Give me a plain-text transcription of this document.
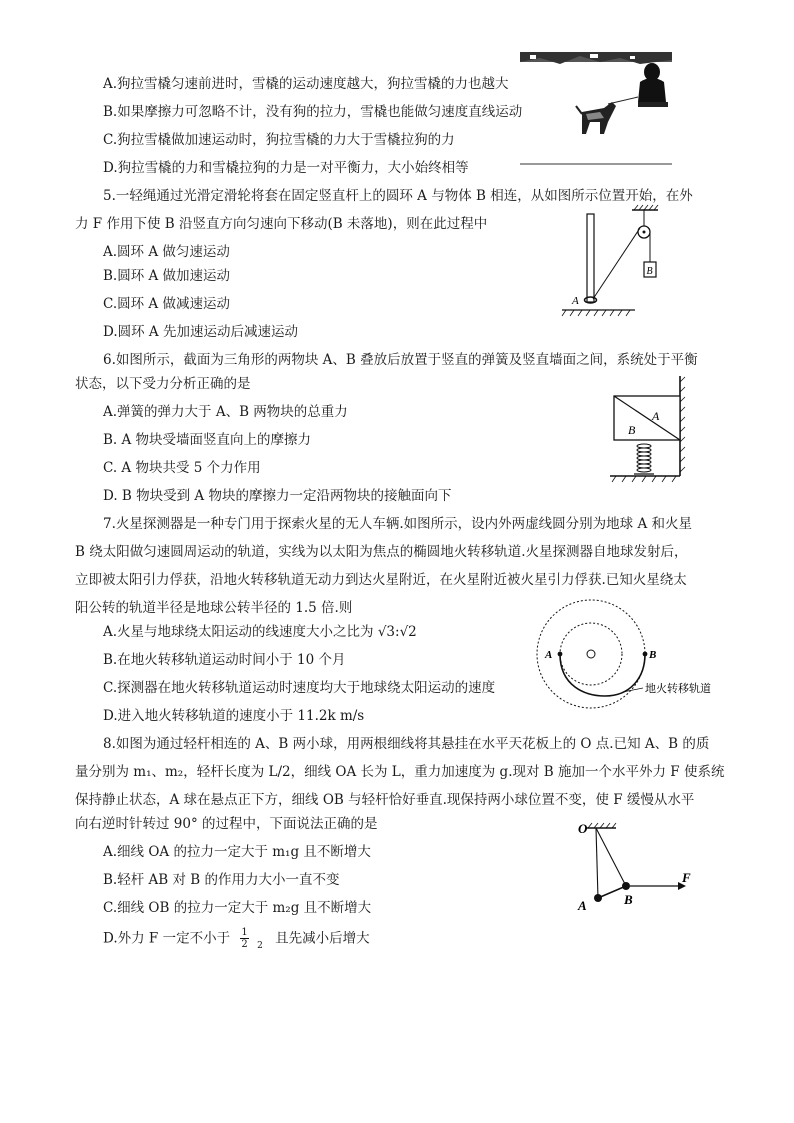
A.狗拉雪橇匀速前进时，雪橇的运动速度越大，狗拉雪橇的力也越大
B.如果摩擦力可忽略不计，没有狗的拉力，雪橇也能做匀速度直线运动
C.狗拉雪橇做加速运动时，狗拉雪橇的力大于雪橇拉狗的力
D.狗拉雪橇的力和雪橇拉狗的力是一对平衡力，大小始终相等
5.一轻绳通过光滑定滑轮将套在固定竖直杆上的圆环 A 与物体 B 相连，从如图所示位置开始，在外
力 F 作用下使 B 沿竖直方向匀速向下移动(B 未落地)，则在此过程中
A.圆环 A 做匀速运动
B.圆环 A 做加速运动
C.圆环 A 做减速运动
D.圆环 A 先加速运动后减速运动
B
A
6.如图所示，截面为三角形的两物块 A、B 叠放后放置于竖直的弹簧及竖直墙面之间，系统处于平衡
状态，以下受力分析正确的是
A.弹簧的弹力大于 A、B 两物块的总重力
B. A 物块受墙面竖直向上的摩擦力
C. A 物块共受 5 个力作用
D. B 物块受到 A 物块的摩擦力一定沿两物块的接触面向下
A
B
7.火星探测器是一种专门用于探索火星的无人车辆.如图所示，设内外两虚线圆分别为地球 A 和火星
B 绕太阳做匀速圆周运动的轨道，实线为以太阳为焦点的椭圆地火转移轨道.火星探测器自地球发射后，
立即被太阳引力俘获，沿地火转移轨道无动力到达火星附近，在火星附近被火星引力俘获.已知火星绕太
阳公转的轨道半径是地球公转半径的 1.5 倍.则
A.火星与地球绕太阳运动的线速度大小之比为 √3:√2
B.在地火转移轨道运动时间小于 10 个月
C.探测器在地火转移轨道运动时速度均大于地球绕太阳运动的速度
D.进入地火转移轨道的速度小于 11.2k m/s
A	B
地火转移轨道
8.如图为通过轻杆相连的 A、B 两小球，用两根细线将其悬挂在水平天花板上的 O 点.已知 A、B 的质
量分别为 m₁、m₂，轻杆长度为 L/2，细线 OA 长为 L，重力加速度为 g.现对 B 施加一个水平外力 F 使系统
保持静止状态，A 球在悬点正下方，细线 OB 与轻杆恰好垂直.现保持两小球位置不变，使 F 缓慢从水平
向右逆时针转过 90° 的过程中，下面说法正确的是
A.细线 OA 的拉力一定大于 m₁g 且不断增大
B.轻杆 AB 对 B 的作用力大小一直不变
C.细线 OB 的拉力一定大于 m₂g 且不断增大
D.外力 F 一定不小于 $\frac{1}{2} _2$ 且先减小后增大
O
F
A	B
